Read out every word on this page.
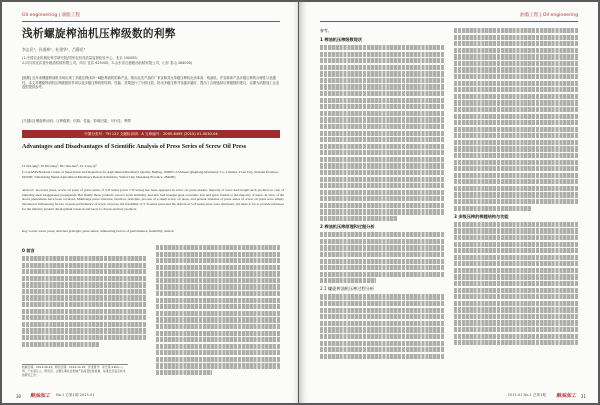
Oil engineering | 油脂工程
浅析螺旋榨油机压榨级数的利弊
李志民¹，孙道林²，杜建华²，吕静花³
(1.中国农业机械化科学研究院/国家农机具质量监督检验中心，北京 100083；
2.四川省宜宾普什粮油机械有限公司，四川 宜宾 625000；3.山东省白鹿粮油机械有限公司，山东 泰山 284000)
[摘要] 近年来螺旋榨油机市场出现了多级压榨(如5~8级)榨油机的新产品，推出此类产品的厂家宣称其比单级压榨机出油率高、残油低，并宣称该产品多级压榨的合理性与优越性。本文对螺旋榨油机压榨级数的作用以及多级压榨机的结构、性能、效果进行了分析比较，指出多级压榨并非越多越好，提出了合理选择压榨级数的建议，以期为油脂加工企业选型提供参考。
[关键词] 螺旋榨油机；压榨级数；结构；性能；影响因素；可行性；利弊
中图分类号：TH 122 文献标识码：A 文章编号：2095-6495 (2015) 01-0030-04
Advantages and Disadvantages of Scientific Analysis of Press Series of Screw Oil Press
LI Zhi-qing¹, SI Zhi-kang², DU Jian-hua², LV Long-qi³
(1.CAAMS/National Center of Supervision and Inspection for Agricultural Machinery Quality, Beijing, 100083; 2.Sichuan Qingliang Machinery Co., Limited, Yi-an City, Sichuan Province, 625000; 3.Shandong Yantai Agricultural Machinery Research Institute, Yantai City, Shandong Province, 284000)
Abstract: In recent years, screw oil press of press series of 5~8 series (even 7~8 series) has been appeared in screw oil press market, majority of users had bought such products in case of believing their exaggerated propaganda. But finally those products can not work normally, and also had brought great economic loss and great trouble to the majority of users. In view of the above phenomena have been occurred, Multistage press structure, function, principle, process of a small screw oil press, and present situation of press series of screw oil press were simply introduced. Influencing factors of press performance of screw oil press, the feasibility of 5~8 series press and the defects of 5~8 series press were discussed. All these is for to provide reference for the industry product development research and users to choose and buy products.
Key words: screw press; structure principle; press series; influencing factors of performance; feasibility; defects
0 前言
收稿日期：2014-08-29；修回日期：2014-10-20；作者简介：李志民(1963—)，男，广东湛江人，研究员，主要从事农业机械产品质量检验监督、标准化及鉴定技术的研究工作。
30 粮油加工 No.1 总第1期 2015.01
油脂工程 | Oil engineering
参考。
1 榨油机压榨级数现状
2 榨油机压榨原理和过程分析
2.1 螺旋榨油机压榨过程分析
3 多级压榨的榨膛结构与功能
2015.01 No.1 总第1期 粮油加工 31
